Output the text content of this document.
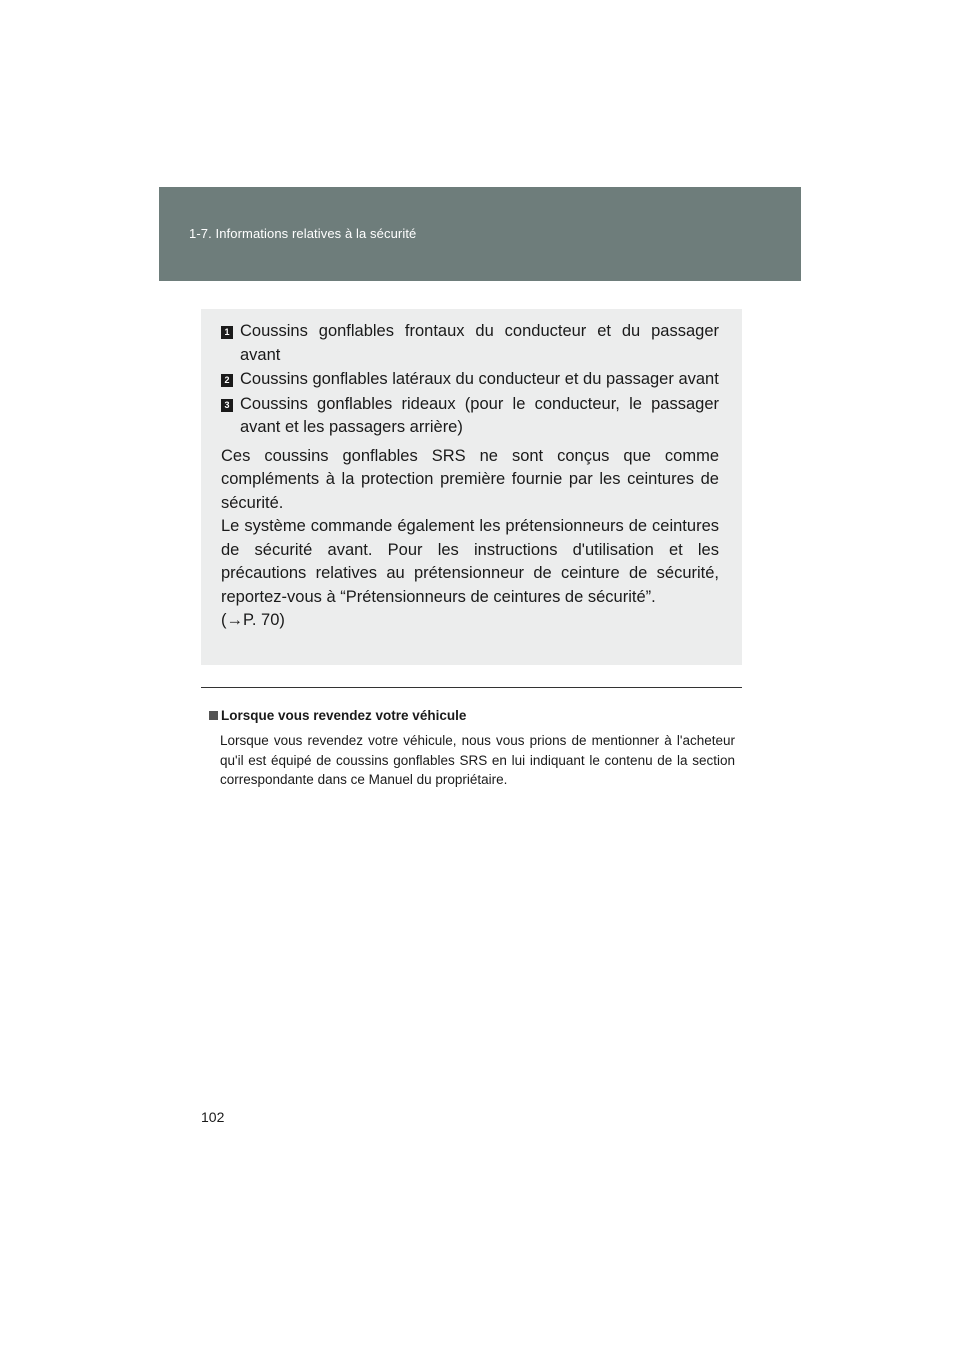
1-7. Informations relatives à la sécurité
1 Coussins gonflables frontaux du conducteur et du passager avant
2 Coussins gonflables latéraux du conducteur et du passager avant
3 Coussins gonflables rideaux (pour le conducteur, le passager avant et les passagers arrière)
Ces coussins gonflables SRS ne sont conçus que comme compléments à la protection première fournie par les ceintures de sécurité.
Le système commande également les prétensionneurs de ceintures de sécurité avant. Pour les instructions d'utilisation et les précautions relatives au prétensionneur de ceinture de sécurité, reportez-vous à “Prétensionneurs de ceintures de sécurité”.
(→P. 70)
Lorsque vous revendez votre véhicule
Lorsque vous revendez votre véhicule, nous vous prions de mentionner à l'acheteur qu'il est équipé de coussins gonflables SRS en lui indiquant le contenu de la section correspondante dans ce Manuel du propriétaire.
102
